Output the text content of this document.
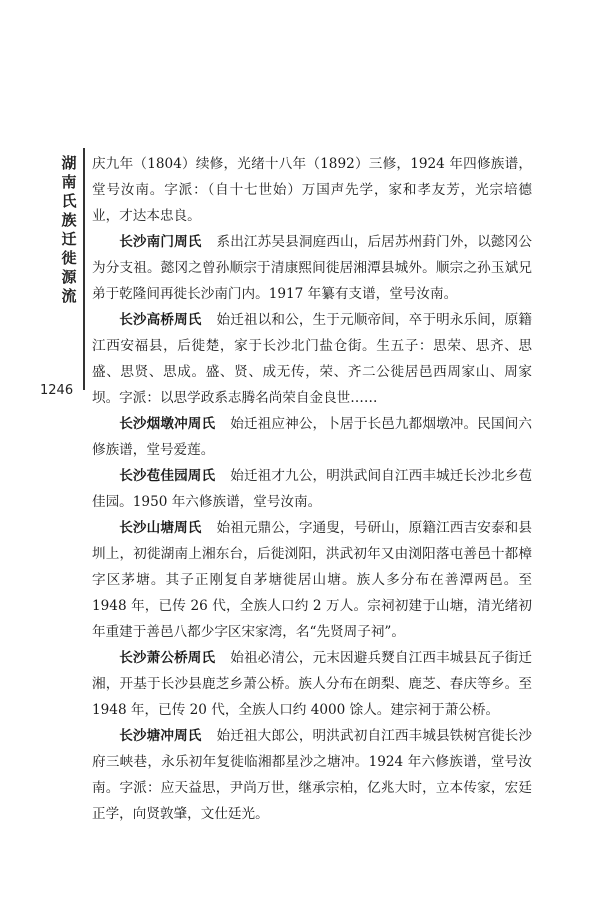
湖
南
氏
族
迁
徙
源
流
1246

庆九年（1804）续修，光绪十八年（1892）三修，1924 年四修族谱，堂号汝南。字派：（自十七世始）万国声先学，家和孝友芳，光宗培德业，才达本忠良。

长沙南门周氏 系出江苏吴县洞庭西山，后居苏州葑门外，以懿冈公为分支祖。懿冈之曾孙顺宗于清康熙间徙居湘潭县城外。顺宗之孙玉斌兄弟于乾隆间再徙长沙南门内。1917 年纂有支谱，堂号汝南。

长沙高桥周氏 始迁祖以和公，生于元顺帝间，卒于明永乐间，原籍江西安福县，后徙楚，家于长沙北门盐仓街。生五子：思荣、思齐、思盛、思贤、思成。盛、贤、成无传，荣、齐二公徙居邑西周家山、周家坝。字派：以思学政系志腾名尚荣自金良世……

长沙烟墩冲周氏 始迁祖应神公，卜居于长邑九都烟墩冲。民国间六修族谱，堂号爱莲。

长沙苞佳园周氏 始迁祖才九公，明洪武间自江西丰城迁长沙北乡苞佳园。1950 年六修族谱，堂号汝南。

长沙山塘周氏 始祖元鼎公，字通叟，号研山，原籍江西吉安泰和县圳上，初徙湖南上湘东台，后徙浏阳，洪武初年又由浏阳落屯善邑十都樟字区茅塘。其子正刚复自茅塘徙居山塘。族人多分布在善潭两邑。至 1948 年，已传 26 代，全族人口约 2 万人。宗祠初建于山塘，清光绪初年重建于善邑八都少字区宋家湾，名“先贤周子祠”。

长沙萧公桥周氏 始祖必清公，元末因避兵燹自江西丰城县瓦子街迁湘，开基于长沙县鹿芝乡萧公桥。族人分布在朗梨、鹿芝、春庆等乡。至 1948 年，已传 20 代，全族人口约 4000 馀人。建宗祠于萧公桥。

长沙塘冲周氏 始迁祖大郎公，明洪武初自江西丰城县铁树宫徙长沙府三峡巷，永乐初年复徙临湘都星沙之塘冲。1924 年六修族谱，堂号汝南。字派：应天益思，尹尚万世，继承宗柏，亿兆大时，立本传家，宏廷正学，向贤敦肇，文仕廷光。
